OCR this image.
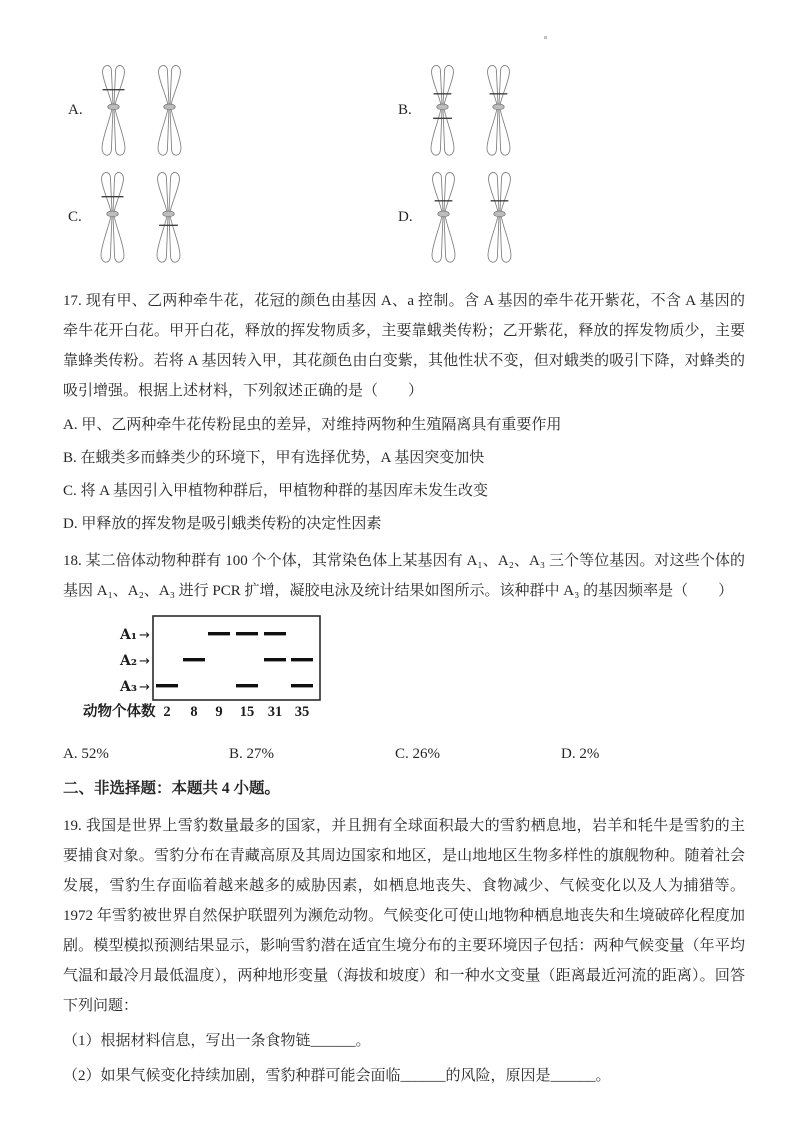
A.	B.
C.	D.

17. 现有甲、乙两种牵牛花，花冠的颜色由基因 A、a 控制。含 A 基因的牵牛花开紫花，不含 A 基因的牵牛花开白花。甲开白花，释放的挥发物质多，主要靠蛾类传粉；乙开紫花，释放的挥发物质少，主要靠蜂类传粉。若将 A 基因转入甲，其花颜色由白变紫，其他性状不变，但对蛾类的吸引下降，对蜂类的吸引增强。根据上述材料，下列叙述正确的是（　　）

A. 甲、乙两种牵牛花传粉昆虫的差异，对维持两物种生殖隔离具有重要作用
B. 在蛾类多而蜂类少的环境下，甲有选择优势，A 基因突变加快
C. 将 A 基因引入甲植物种群后，甲植物种群的基因库未发生改变
D. 甲释放的挥发物是吸引蛾类传粉的决定性因素

18. 某二倍体动物种群有 100 个个体，其常染色体上某基因有 A₁、A₂、A₃ 三个等位基因。对这些个体的基因 A₁、A₂、A₃ 进行 PCR 扩增，凝胶电泳及统计结果如图所示。该种群中 A₃ 的基因频率是（　　）

A₁ →
A₂ →
A₃ →
动物个体数 2 8 9 15 31 35
A. 52%	B. 27%	C. 26%	D. 2%

二、非选择题：本题共 4 小题。

19. 我国是世界上雪豹数量最多的国家，并且拥有全球面积最大的雪豹栖息地，岩羊和牦牛是雪豹的主要捕食对象。雪豹分布在青藏高原及其周边国家和地区，是山地地区生物多样性的旗舰物种。随着社会发展，雪豹生存面临着越来越多的威胁因素，如栖息地丧失、食物减少、气候变化以及人为捕猎等。1972 年雪豹被世界自然保护联盟列为濒危动物。气候变化可使山地物种栖息地丧失和生境破碎化程度加剧。模型模拟预测结果显示，影响雪豹潜在适宜生境分布的主要环境因子包括：两种气候变量（年平均气温和最冷月最低温度），两种地形变量（海拔和坡度）和一种水文变量（距离最近河流的距离）。回答下列问题：

（1）根据材料信息，写出一条食物链______。

（2）如果气候变化持续加剧，雪豹种群可能会面临______的风险，原因是______。
